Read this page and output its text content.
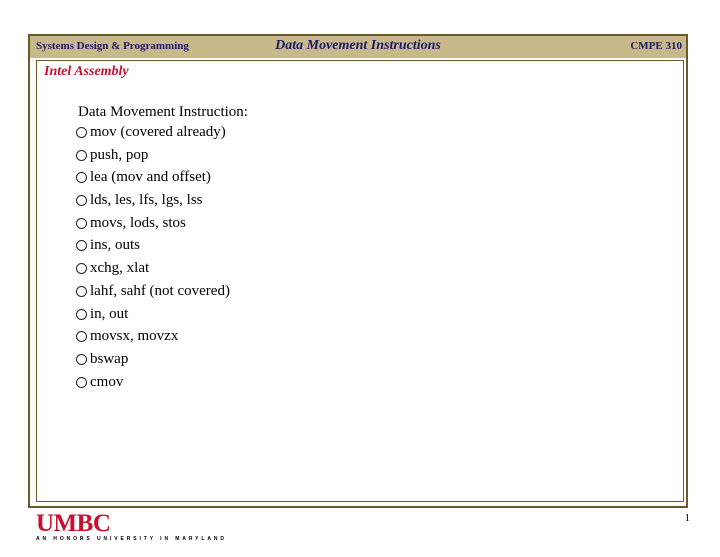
Systems Design & Programming	Data Movement Instructions	CMPE 310
Intel Assembly
Data Movement Instruction:
mov (covered already)
push, pop
lea (mov and offset)
lds, les, lfs, lgs, lss
movs, lods, stos
ins, outs
xchg, xlat
lahf, sahf (not covered)
in, out
movsx, movzx
bswap
cmov
UMBC
AN HONORS UNIVERSITY IN MARYLAND
1
